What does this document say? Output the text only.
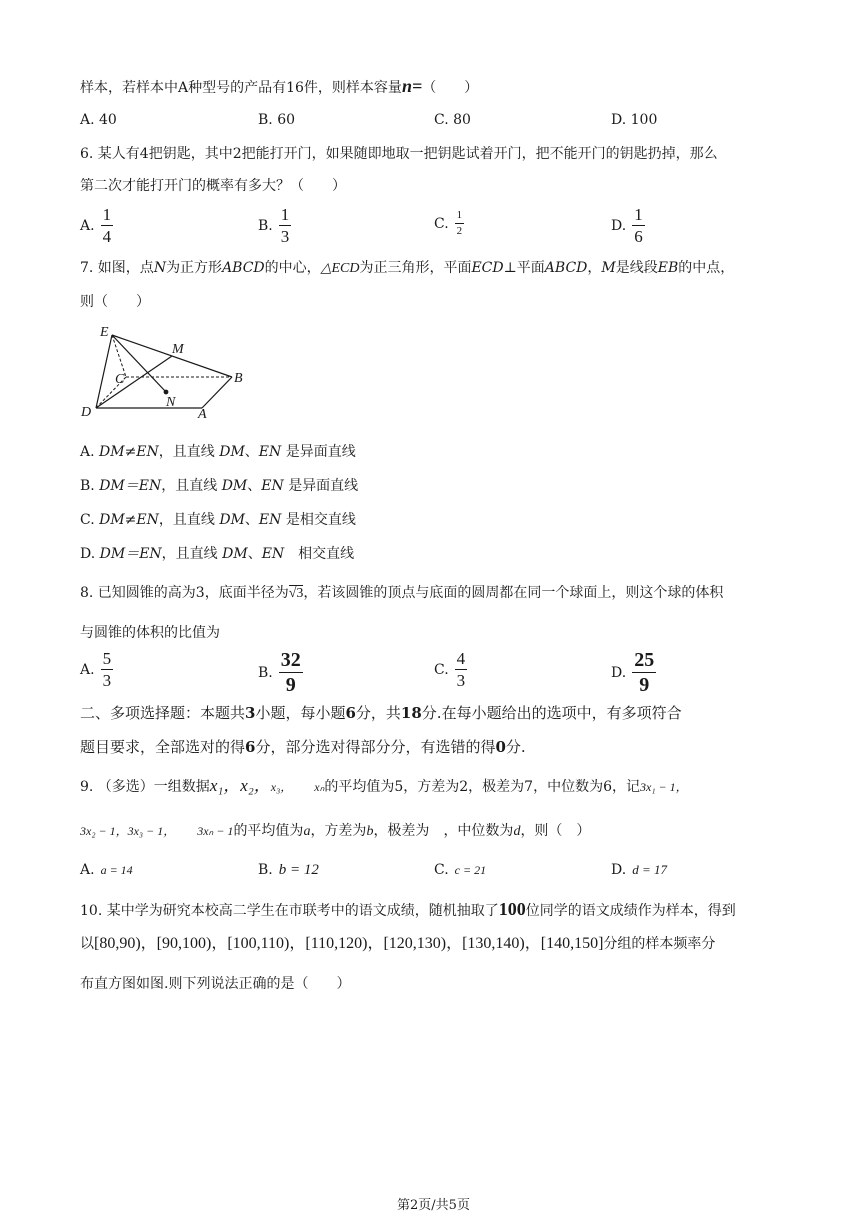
样本，若样本中A种型号的产品有16件，则样本容量n=（　　）
A. 40	B. 60	C. 80	D. 100
6. 某人有4把钥匙，其中2把能打开门，如果随即地取一把钥匙试着开门，把不能开门的钥匙扔掉，那么
第二次才能打开门的概率有多大？（　　）
A. $\frac{1}{4}$	B. $\frac{1}{3}$	C. $\frac{1}{2}$	D. $\frac{1}{6}$
7. 如图，点N为正方形ABCD的中心，△ECD为正三角形，平面ECD⊥平面ABCD，M是线段EB的中点，
则（　　）
E
M
C	B
N
D	A
A. DM≠EN，且直线 DM、EN 是异面直线
B. DM＝EN，且直线 DM、EN 是异面直线
C. DM≠EN，且直线 DM、EN 是相交直线
D. DM＝EN，且直线 DM、EN　相交直线
8. 已知圆锥的高为3，底面半径为√3，若该圆锥的顶点与底面的圆周都在同一个球面上，则这个球的体积
与圆锥的体积的比值为
A. $\frac{5}{3}$	B. $\frac{32}{9}$	C. $\frac{4}{3}$	D. $\frac{25}{9}$
二、多项选择题：本题共3小题，每小题6分，共18分.在每小题给出的选项中，有多项符合
题目要求，全部选对的得6分，部分选对得部分分，有选错的得0分.
9. （多选）一组数据x₁，x₂，x₃，　　 xₙ的平均值为5，方差为2，极差为7，中位数为6，记3x₁ − 1，
3x₂ − 1，3x₃ − 1，　　 3xₙ − 1的平均值为a，方差为b，极差为　 ，中位数为d，则（　）
A. a = 14	B. b = 12	C. c = 21	D. d = 17
10. 某中学为研究本校高二学生在市联考中的语文成绩，随机抽取了100位同学的语文成绩作为样本，得到
以[80,90)，[90,100)，[100,110)，[110,120)，[120,130)，[130,140)，[140,150]分组的样本频率分
布直方图如图.则下列说法正确的是（　　）
第2页/共5页
